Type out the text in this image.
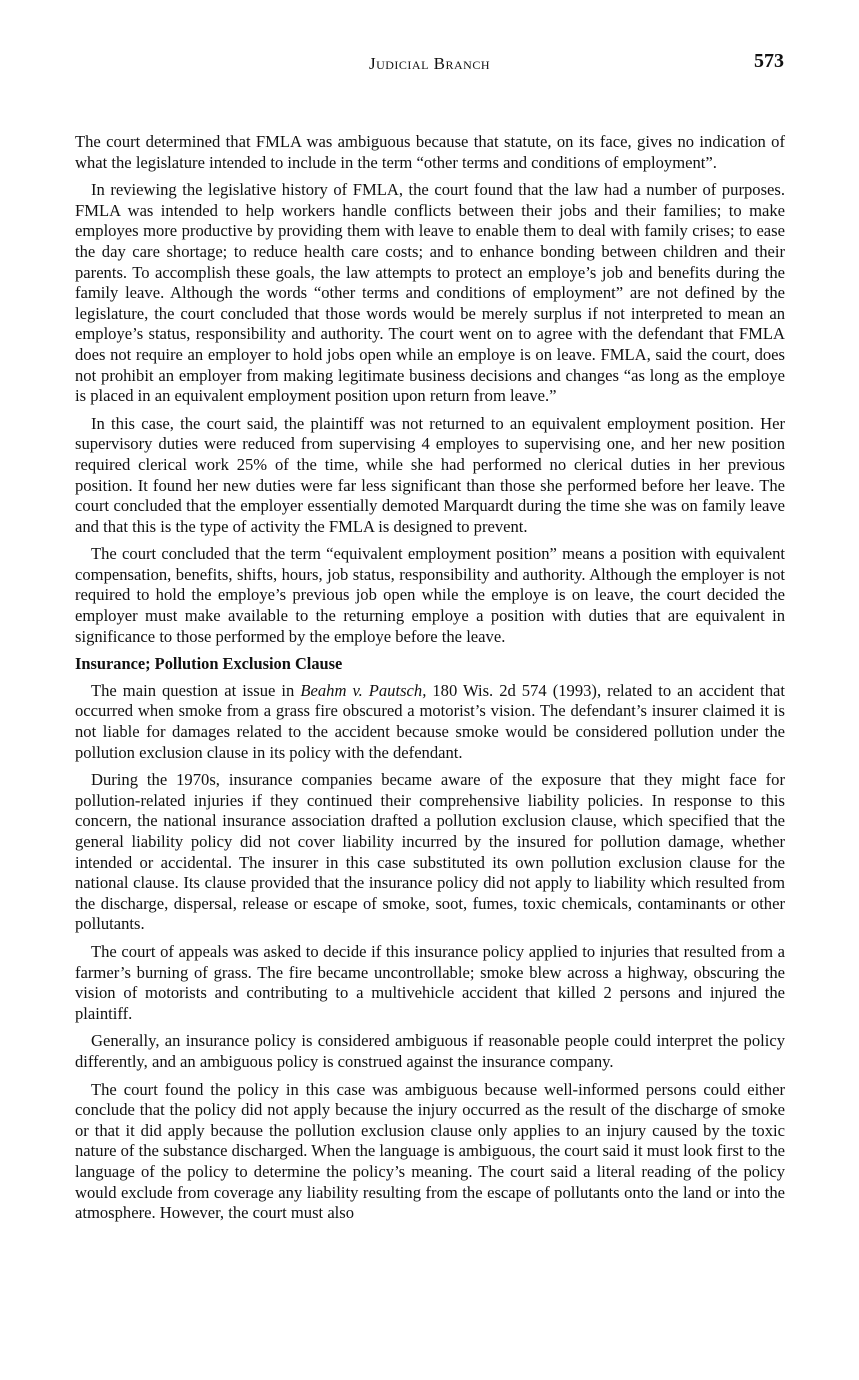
Judicial Branch	573

The court determined that FMLA was ambiguous because that statute, on its face, gives no indication of what the legislature intended to include in the term “other terms and conditions of employment”.

In reviewing the legislative history of FMLA, the court found that the law had a number of purposes. FMLA was intended to help workers handle conflicts between their jobs and their families; to make employes more productive by providing them with leave to enable them to deal with family crises; to ease the day care shortage; to reduce health care costs; and to enhance bonding between children and their parents. To accomplish these goals, the law attempts to protect an employe’s job and benefits during the family leave. Although the words “other terms and conditions of employment” are not defined by the legislature, the court concluded that those words would be merely surplus if not interpreted to mean an employe’s status, responsibility and authority. The court went on to agree with the defendant that FMLA does not require an employer to hold jobs open while an employe is on leave. FMLA, said the court, does not prohibit an employer from making legitimate business decisions and changes “as long as the employe is placed in an equivalent employment position upon return from leave.”

In this case, the court said, the plaintiff was not returned to an equivalent employment position. Her supervisory duties were reduced from supervising 4 employes to supervising one, and her new position required clerical work 25% of the time, while she had performed no clerical duties in her previous position. It found her new duties were far less significant than those she performed before her leave. The court concluded that the employer essentially demoted Marquardt during the time she was on family leave and that this is the type of activity the FMLA is designed to prevent.

The court concluded that the term “equivalent employment position” means a position with equivalent compensation, benefits, shifts, hours, job status, responsibility and authority. Although the employer is not required to hold the employe’s previous job open while the employe is on leave, the court decided the employer must make available to the returning employe a position with duties that are equivalent in significance to those performed by the employe before the leave.

Insurance; Pollution Exclusion Clause

The main question at issue in Beahm v. Pautsch, 180 Wis. 2d 574 (1993), related to an accident that occurred when smoke from a grass fire obscured a motorist’s vision. The defendant’s insurer claimed it is not liable for damages related to the accident because smoke would be considered pollution under the pollution exclusion clause in its policy with the defendant.

During the 1970s, insurance companies became aware of the exposure that they might face for pollution-related injuries if they continued their comprehensive liability policies. In response to this concern, the national insurance association drafted a pollution exclusion clause, which specified that the general liability policy did not cover liability incurred by the insured for pollution damage, whether intended or accidental. The insurer in this case substituted its own pollution exclusion clause for the national clause. Its clause provided that the insurance policy did not apply to liability which resulted from the discharge, dispersal, release or escape of smoke, soot, fumes, toxic chemicals, contaminants or other pollutants.

The court of appeals was asked to decide if this insurance policy applied to injuries that resulted from a farmer’s burning of grass. The fire became uncontrollable; smoke blew across a highway, obscuring the vision of motorists and contributing to a multivehicle accident that killed 2 persons and injured the plaintiff.

Generally, an insurance policy is considered ambiguous if reasonable people could interpret the policy differently, and an ambiguous policy is construed against the insurance company.

The court found the policy in this case was ambiguous because well-informed persons could either conclude that the policy did not apply because the injury occurred as the result of the discharge of smoke or that it did apply because the pollution exclusion clause only applies to an injury caused by the toxic nature of the substance discharged. When the language is ambiguous, the court said it must look first to the language of the policy to determine the policy’s meaning. The court said a literal reading of the policy would exclude from coverage any liability resulting from the escape of pollutants onto the land or into the atmosphere. However, the court must also
